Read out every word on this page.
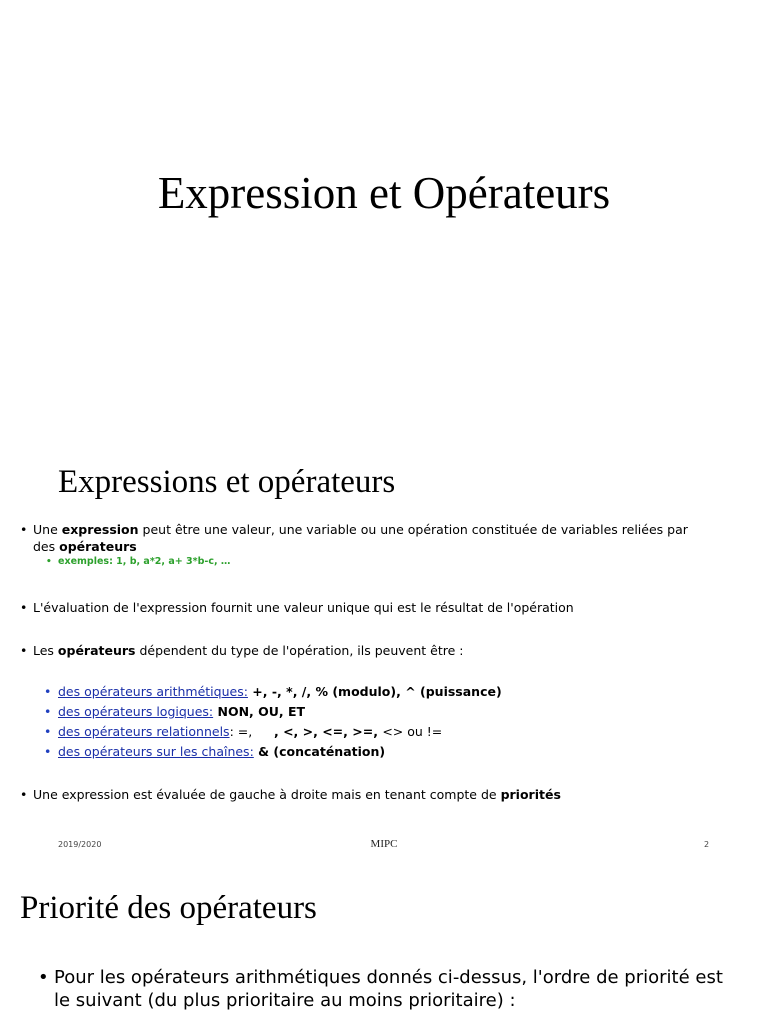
Expression et Opérateurs
Expressions et opérateurs
• Une expression peut être une valeur, une variable ou une opération constituée de variables reliées par des opérateurs
• exemples: 1, b, a*2, a+ 3*b-c, …
• L'évaluation de l'expression fournit une valeur unique qui est le résultat de l'opération
• Les opérateurs dépendent du type de l'opération, ils peuvent être :
• des opérateurs arithmétiques: +, -, *, /, % (modulo), ^ (puissance)
• des opérateurs logiques: NON, OU, ET
• des opérateurs relationnels: =,     , <, >, <=, >=, <> ou !=
• des opérateurs sur les chaînes: & (concaténation)
• Une expression est évaluée de gauche à droite mais en tenant compte de priorités
2019/2020	MIPC	2
Priorité des opérateurs
• Pour les opérateurs arithmétiques donnés ci-dessus, l'ordre de priorité est le suivant (du plus prioritaire au moins prioritaire) :
